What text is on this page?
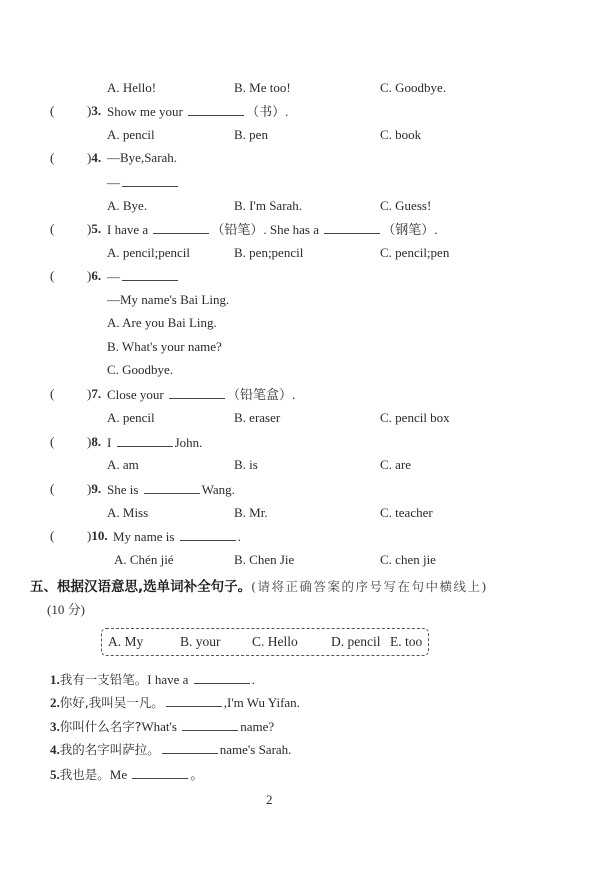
A. Hello!	B. Me too!	C. Goodbye.
(	)3. Show me your	（书）.
A. pencil	B. pen	C. book
(	)4. —Bye,Sarah.
—
A. Bye.	B. I'm Sarah.	C. Guess!
(	)5. I have a	（铅笔）. She has a	（钢笔）.
A. pencil;pencil	B. pen;pencil	C. pencil;pen
(	)6. —
—My name's Bai Ling.
A. Are you Bai Ling.
B. What's your name?
C. Goodbye.
(	)7. Close your	（铅笔盒）.
A. pencil	B. eraser	C. pencil box
(	)8. I	John.
A. am	B. is	C. are
(	)9. She is	Wang.
A. Miss	B. Mr.	C. teacher
(	)10. My name is	.
A. Chén jié	B. Chen Jie	C. chen jie
五、根据汉语意思,选单词补全句子。(请将正确答案的序号写在句中横线上)
(10 分)
A. My	B. your C. Hello D. pencil E. too
1.我有一支铅笔。I have a	.
2.你好,我叫吴一凡。	,I'm Wu Yifan.
3.你叫什么名字?What's	name?
4.我的名字叫萨拉。	name's Sarah.
5.我也是。Me	。
2
